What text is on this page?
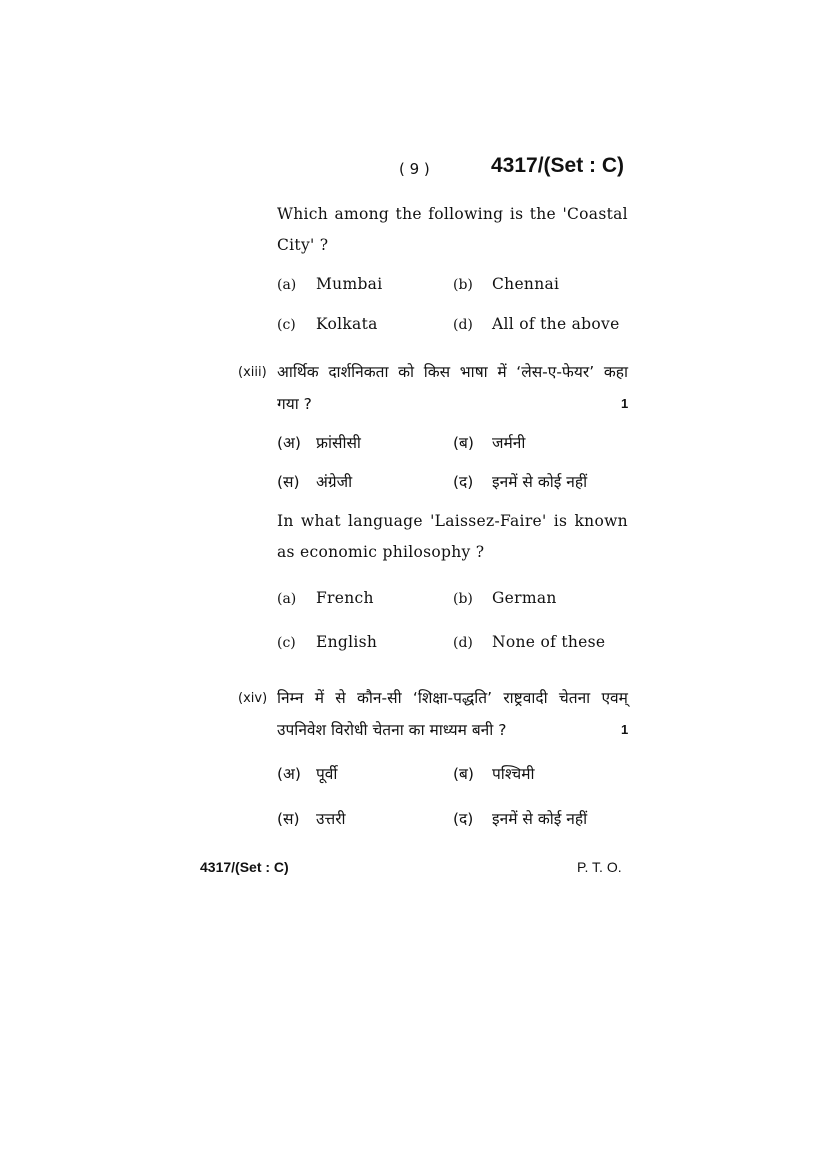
( 9 )	4317/(Set : C)
Which among the following is the 'Coastal
City' ?
(a) Mumbai	(b) Chennai
(c) Kolkata	(d) All of the above
(xiii) आर्थिक दार्शनिकता को किस भाषा में ‘लेस-ए-फेयर’ कहा
गया ?	1
(अ) फ्रांसीसी	(ब) जर्मनी
(स) अंग्रेजी	(द) इनमें से कोई नहीं
In what language 'Laissez-Faire' is known
as economic philosophy ?
(a) French	(b) German
(c) English	(d) None of these
(xiv) निम्न में से कौन-सी ‘शिक्षा-पद्धति’ राष्ट्रवादी चेतना एवम्
उपनिवेश विरोधी चेतना का माध्यम बनी ?	1
(अ) पूर्वी	(ब) पश्चिमी
(स) उत्तरी	(द) इनमें से कोई नहीं
4317/(Set : C)	P. T. O.
